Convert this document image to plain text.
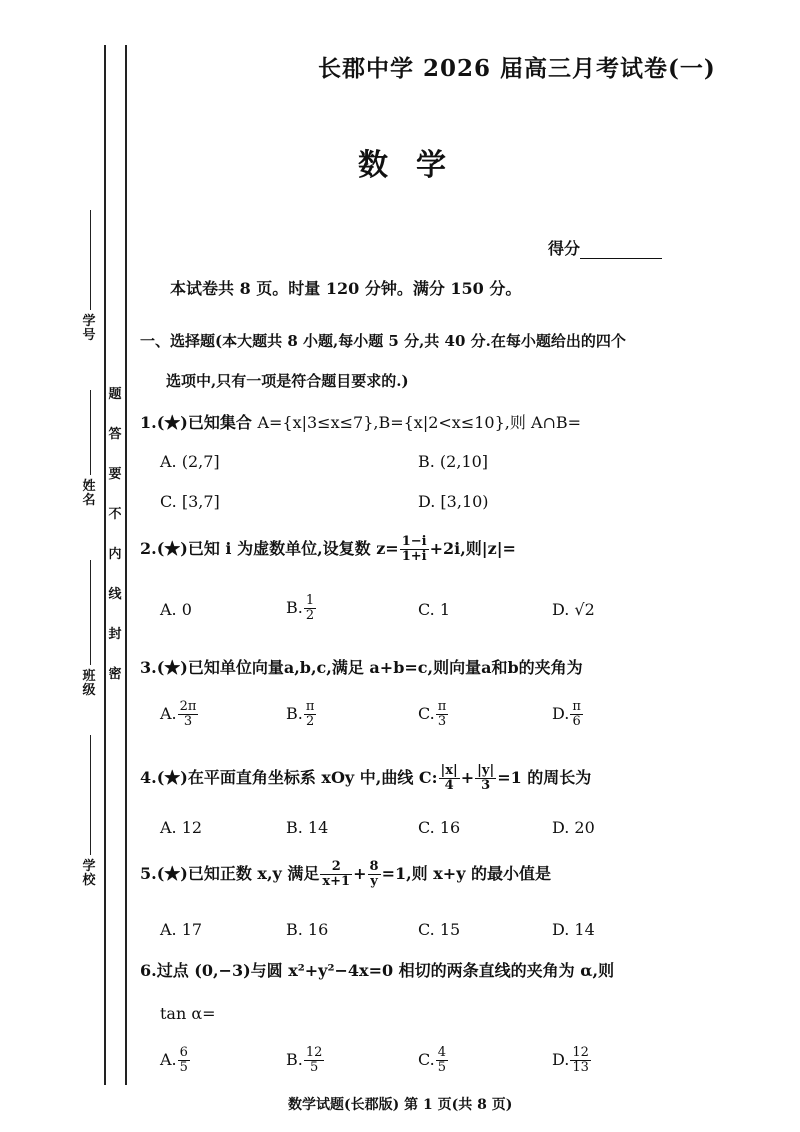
学号
姓名
班级
学校
题
答
要
不
内
线
封
密
长郡中学 2026 届高三月考试卷(一)
数学
得分
本试卷共 8 页。时量 120 分钟。满分 150 分。
一、选择题(本大题共 8 小题,每小题 5 分,共 40 分.在每小题给出的四个
选项中,只有一项是符合题目要求的.)
1.(★)已知集合 A={x|3≤x≤7},B={x|2<x≤10},则 A∩B=
A. (2,7]	B. (2,10]
C. [3,7]	D. [3,10)
2.(★)已知 i 为虚数单位,设复数 $z= \frac{1-i}{1+i} +2i$,则|z|=
A. 0	B. $\frac{1}{2}$	C. 1	D. √2
3.(★)已知单位向量a,b,c,满足 a+b=c,则向量a和b的夹角为
A. $\frac{2\pi}{3}$	B. $\frac{\pi}{2}$	C. $\frac{\pi}{3}$	D. $\frac{\pi}{6}$
4.(★)在平面直角坐标系 xOy 中,曲线 C: $\frac{|x|}{4} + \frac{|y|}{3} =1$ 的周长为
A. 12	B. 14	C. 16	D. 20
5.(★)已知正数 x,y 满足 $\frac{2}{x+1} + \frac{8}{y} =1$,则 x+y 的最小值是
A. 17	B. 16	C. 15	D. 14
6.过点 (0,−3)与圆 x²+y²−4x=0 相切的两条直线的夹角为 α,则
tan α=
A. $\frac{6}{5}$	B. $\frac{12}{5}$	C. $\frac{4}{5}$	D. $\frac{12}{13}$
数学试题(长郡版) 第 1 页(共 8 页)
